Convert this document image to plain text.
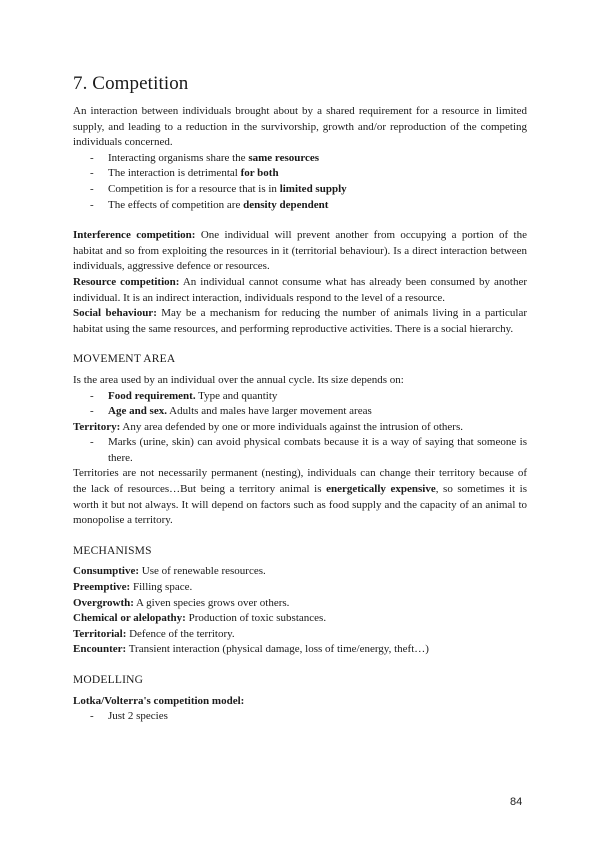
7. Competition

An interaction between individuals brought about by a shared requirement for a resource in limited supply, and leading to a reduction in the survivorship, growth and/or reproduction of the competing individuals concerned.

- Interacting organisms share the same resources
- The interaction is detrimental for both
- Competition is for a resource that is in limited supply
- The effects of competition are density dependent

Interference competition: One individual will prevent another from occupying a portion of the habitat and so from exploiting the resources in it (territorial behaviour). Is a direct interaction between individuals, aggressive defence or resources.

Resource competition: An individual cannot consume what has already been consumed by another individual. It is an indirect interaction, individuals respond to the level of a resource.

Social behaviour: May be a mechanism for reducing the number of animals living in a particular habitat using the same resources, and performing reproductive activities. There is a social hierarchy.

MOVEMENT AREA

Is the area used by an individual over the annual cycle. Its size depends on:

- Food requirement. Type and quantity
- Age and sex. Adults and males have larger movement areas

Territory: Any area defended by one or more individuals against the intrusion of others.

- Marks (urine, skin) can avoid physical combats because it is a way of saying that someone is there.

Territories are not necessarily permanent (nesting), individuals can change their territory because of the lack of resources…But being a territory animal is energetically expensive, so sometimes it is worth it but not always. It will depend on factors such as food supply and the capacity of an animal to monopolise a territory.

MECHANISMS

Consumptive: Use of renewable resources.

Preemptive: Filling space.

Overgrowth: A given species grows over others.

Chemical or alelopathy: Production of toxic substances.

Territorial: Defence of the territory.

Encounter: Transient interaction (physical damage, loss of time/energy, theft…)

MODELLING

Lotka/Volterra's competition model:

- Just 2 species
84
